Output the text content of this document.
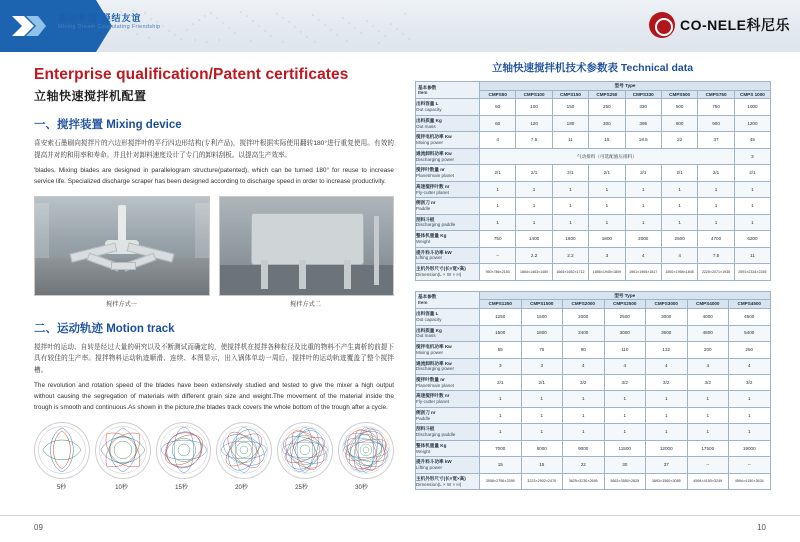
搅动梦想 凝结友谊
Mixing Dream Coagulating Friendship	CO-NELE科尼乐
Enterprise qualification/Patent certificates
立轴快速搅拌机配置
一、搅拌装置 Mixing device

喜安索石墨刷向搅拌片的六边形搅拌叶的平行四边形结构(专利产品)，搅拌叶根据实际使用翻转180°进行重复使用。有效的提高并对的和用率和寿命。并且针对卸料速度设计了专门的卸料刮板。以提高生产效率。

'blades. Mixing blades are designed in parallelogram structure(patented), which can be turned 180° for reuse to increase service life. Specialized discharge scraper has been designed according to discharge speed in order to increase productivity.

搅拌方式一	搅拌方式二
二、运动轨迹 Motion track

搅拌叶的运动、自转是经过大量的研究以及不断测试而确定的，使搅拌机在搅拌各种粒径及比重的物料不产生离析的前提下具有较佳的生产率。搅拌物料运动轨迹顺滑、连续、本图显示，出入锅体单动一周后，搅拌叶的运动轨迹覆盖了整个搅拌槽。

The revolution and rotation speed of the blades have been extensively studied and tested to give the mixer a high output without causing the segregation of materials with different grain size and weight.The movement of the material inside the trough is smooth and continuous.As shown in the picture,the blades track covers the whole bottom of the trough after a cycle.

5秒	10秒	15秒	20秒	25秒	30秒
立轴快速搅拌机技术参数表 Technical data
基本参数
Item	型号 Type							
	CMPS50	CMPS100	CMPS150	CMPS250	CMPS330	CMPS500	CMPS750	CMPS 1000

出料容量 L
Out capacity	50	100	150	250	330	500	750	1000

出料质量 Kg
Out mass	60	120	180	300	395	600	900	1200

搅拌电机功率 Kw
Mixing power	4	7.5	11	15	18.5	22	37	45

通流卸料功率 Kw
Discharging power	气动排料（可选配液压排料）							3

搅拌叶数量 nr
Planet/main planet	2/1	2/1	2/1	2/1	2/1	2/1	2/1	2/1

高速搅拌叶数 nr
Fly-cutter planet	1	1	1	1	1	1	1	1

侧刮刀 nr
Paddle	1	1	1	1	1	1	1	1

刮料斗板
Discharging paddle	1	1	1	1	1	1	1	1

整体机重量 Kg
Weight	750	1400	1600	1800	2000	2500	4700	6200

提升料斗功率 kW
Lifting power	--	2.2	2.2	3	4	4	7.5	11

主机外形尺寸(长×宽×高)
Dimension(L × W × H)	950×786×2150	1664×1463×1480	1664×1652×1712	1856×1945×1809	1961×1965×1817	1892×1958×1845	2225×2071×1935	2591×2334×2245
基本参数
Item	型号 Type						
	CMPS1250	CMPS1500	CMPS2000	CMPS2500	CMPS3000	CMPS4000	CMPS4500

出料容量 L
Out capacity	1250	1500	2000	2500	3000	4000	4500

出料质量 Kg
Out mass	1500	1800	2400	3000	3600	4800	5400

搅拌电机功率 Kw
Mixing power	55	75	90	110	132	200	250

通流卸料功率 Kw
Discharging power	3	3	4	4	4	4	4

搅拌叶数量 nr
Planet/main planet	2/1	2/1	3/2	3/2	3/2	3/2	3/2

高速搅拌叶数 nr
Fly-cutter planet	1	1	1	1	1	1	1

侧刮刀 nr
Paddle	1	1	1	1	1	1	1

刮料斗板
Discharging paddle	1	1	1	1	1	1	1

整体机重量 Kg
Weight	7000	8000	9000	11500	12000	17500	19000

提升料斗功率 kW
Lifting power	15	15	22	30	37	--	--

主机外形尺寸(长×宽×高)
Dimension(L × W × H)	3058×2756×2395	3223×2902×2470	3625×3230×2695	3663×3550×2825	3893×3560×3085	4594×4150×3249	4594×4150×3634
09	10
